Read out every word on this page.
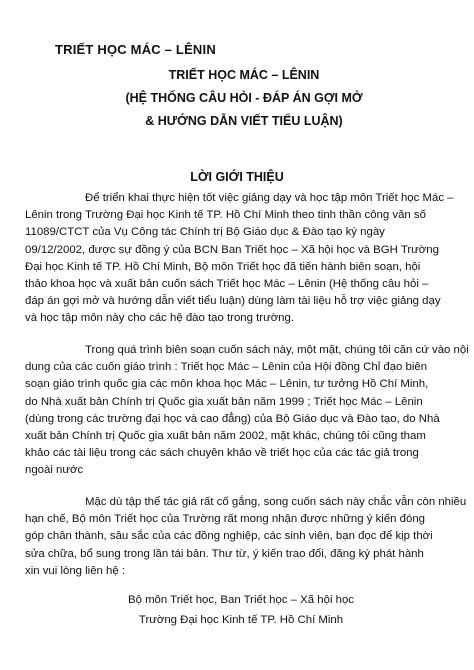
TRIẾT HỌC MÁC – LÊNIN
TRIẾT HỌC MÁC – LÊNIN
(HỆ THỐNG CÂU HỎI - ĐÁP ÁN GỢI MỞ
& HƯỚNG DẪN VIẾT TIỂU LUẬN)
LỜI GIỚI THIỆU

Để triển khai thực hiện tốt việc giảng dạy và học tập môn Triết học Mác –
Lênin trong Trường Đại học Kinh tế TP. Hồ Chí Minh theo tinh thần công văn số
11089/CTCT của Vụ Công tác Chính trị Bộ Giáo dục & Đào tạo ký ngày
09/12/2002, được sự đồng ý của BCN Ban Triết học – Xã hội học và BGH Trường
Đại học Kinh tế TP. Hồ Chí Minh, Bộ môn Triết học đã tiến hành biên soạn, hội
thảo khoa học và xuất bản cuốn sách Triết học Mác – Lênin (Hệ thống câu hỏi –
đáp án gợi mở và hướng dẫn viết tiểu luận) dùng làm tài liệu hỗ trợ việc giảng dạy
và học tập môn này cho các hệ đào tạo trong trường.

Trong quá trình biên soạn cuốn sách này, một mặt, chúng tôi căn cứ vào nội
dung của các cuốn giáo trình : Triết học Mác – Lênin của Hội đồng Chỉ đạo biên
soạn giáo trình quốc gia các môn khoa học Mác – Lênin, tư tưởng Hồ Chí Minh,
do Nhà xuất bản Chính trị Quốc gia xuất bản năm 1999 ; Triết học Mác – Lênin
(dùng trong các trường đại học và cao đẳng) của Bộ Giáo dục và Đào tạo, do Nhà
xuất bản Chính trị Quốc gia xuất bản năm 2002, mặt khác, chúng tôi cũng tham
khảo các tài liệu trong các sách chuyên khảo về triết học của các tác giả trong
ngoài nước

Mặc dù tập thể tác giả rất cố gắng, song cuốn sách này chắc vẫn còn nhiều
hạn chế, Bộ môn Triết học của Trường rất mong nhận được những ý kiến đóng
góp chân thành, sâu sắc của các đồng nghiệp, các sinh viên, bạn đọc để kịp thời
sửa chữa, bổ sung trong lần tái bản. Thư từ, ý kiến trao đổi, đăng ký phát hành
xin vui lòng liên hệ :

Bộ môn Triết học, Ban Triết học – Xã hội học
Trường Đại học Kinh tế TP. Hồ Chí Minh
